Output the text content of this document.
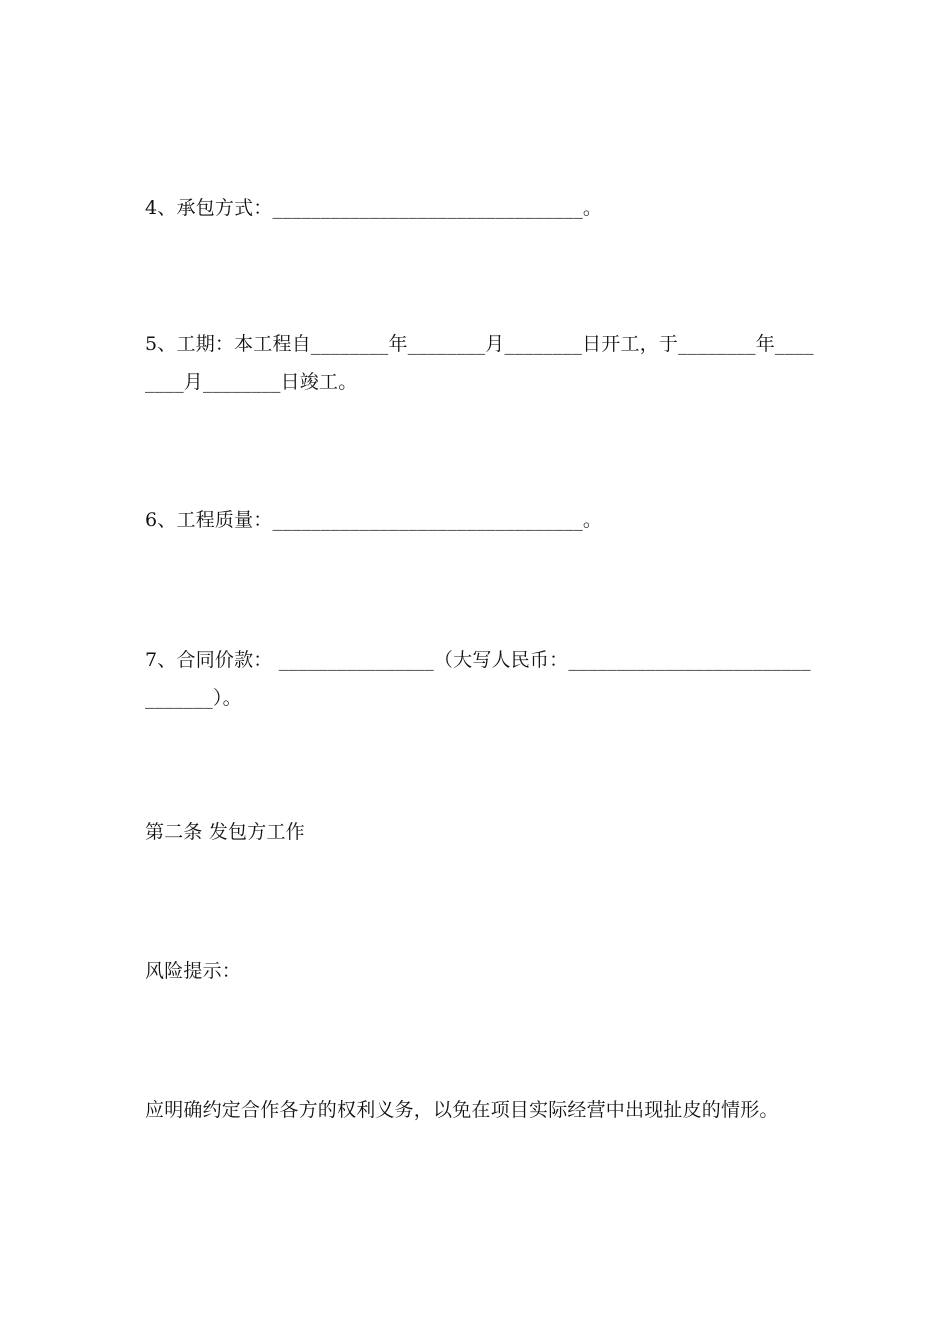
4、承包方式：________________________________。
5、工期：本工程自________年________月________日开工，于________年____
____月________日竣工。
6、工程质量：________________________________。
7、合同价款： ________________（大写人民币：_________________________
_______）。
第二条 发包方工作
风险提示：
应明确约定合作各方的权利义务，以免在项目实际经营中出现扯皮的情形。
